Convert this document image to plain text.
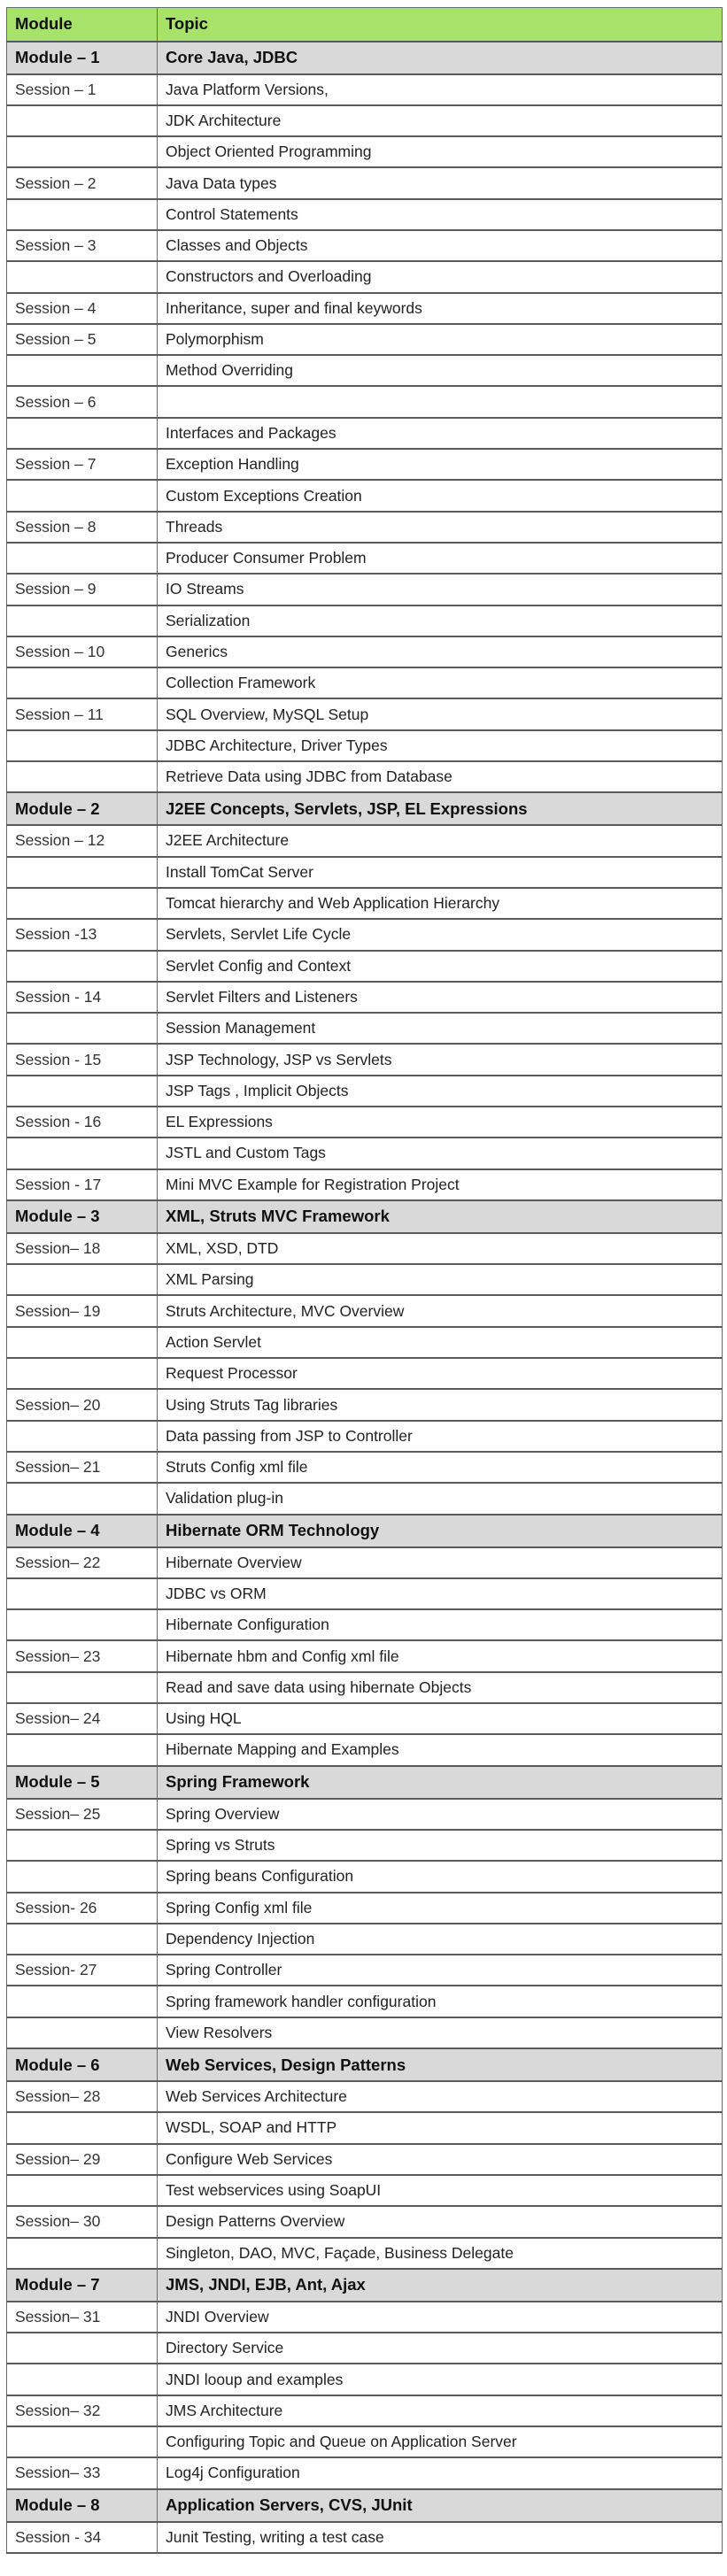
Module	Topic
Module – 1	Core Java, JDBC
Session – 1	Java Platform Versions,
	JDK Architecture
	Object Oriented Programming
Session – 2	Java Data types
	Control Statements
Session – 3	Classes and Objects
	Constructors and Overloading
Session – 4	Inheritance, super and final keywords
Session – 5	Polymorphism
	Method Overriding
Session – 6	
	Interfaces and Packages
Session – 7	Exception Handling
	Custom Exceptions Creation
Session – 8	Threads
	Producer Consumer Problem
Session – 9	IO Streams
	Serialization
Session – 10	Generics
	Collection Framework
Session – 11	SQL Overview, MySQL Setup
	JDBC Architecture, Driver Types
	Retrieve Data using JDBC from Database
Module – 2	J2EE Concepts, Servlets, JSP, EL Expressions
Session – 12	J2EE Architecture
	Install TomCat Server
	Tomcat hierarchy and Web Application Hierarchy
Session -13	Servlets, Servlet Life Cycle
	Servlet Config and Context
Session - 14	Servlet Filters and Listeners
	Session Management
Session - 15	JSP Technology, JSP vs Servlets
	JSP Tags , Implicit Objects
Session - 16	EL Expressions
	JSTL and Custom Tags
Session - 17	Mini MVC Example for Registration Project
Module – 3	XML, Struts MVC Framework
Session– 18	XML, XSD, DTD
	XML Parsing
Session– 19	Struts Architecture, MVC Overview
	Action Servlet
	Request Processor
Session– 20	Using Struts Tag libraries
	Data passing from JSP to Controller
Session– 21	Struts Config xml file
	Validation plug-in
Module – 4	Hibernate ORM Technology
Session– 22	Hibernate Overview
	JDBC vs ORM
	Hibernate Configuration
Session– 23	Hibernate hbm and Config xml file
	Read and save data using hibernate Objects
Session– 24	Using HQL
	Hibernate Mapping and Examples
Module – 5	Spring Framework
Session– 25	Spring Overview
	Spring vs Struts
	Spring beans Configuration
Session- 26	Spring Config xml file
	Dependency Injection
Session- 27	Spring Controller
	Spring framework handler configuration
	View Resolvers
Module – 6	Web Services, Design Patterns
Session– 28	Web Services Architecture
	WSDL, SOAP and HTTP
Session– 29	Configure Web Services
	Test webservices using SoapUI
Session– 30	Design Patterns Overview
	Singleton, DAO, MVC, Façade, Business Delegate
Module – 7	JMS, JNDI, EJB, Ant, Ajax
Session– 31	JNDI Overview
	Directory Service
	JNDI looup and examples
Session– 32	JMS Architecture
	Configuring Topic and Queue on Application Server
Session– 33	Log4j Configuration
Module – 8	Application Servers, CVS, JUnit
Session - 34	Junit Testing, writing a test case
